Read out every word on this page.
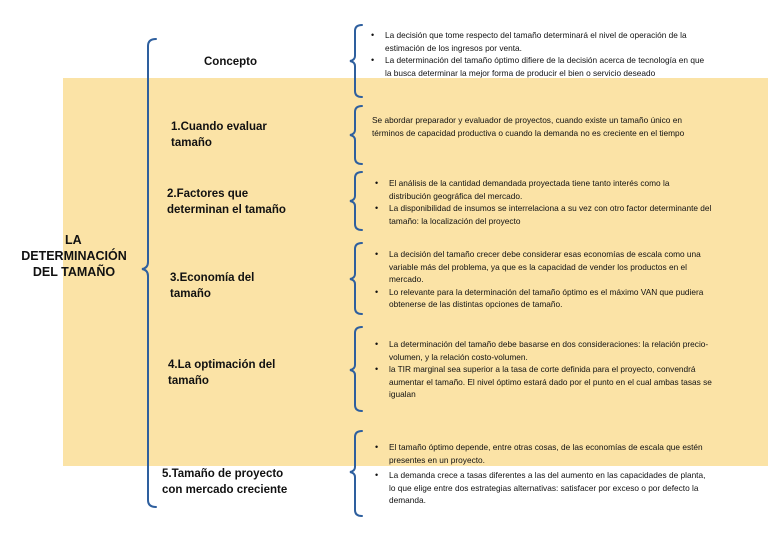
LA
DETERMINACIÓN
DEL TAMAÑO
Concepto
• La decisión que tome respecto del tamaño determinará el nivel de operación de la estimación de los ingresos por venta.
• La determinación del tamaño óptimo difiere de la decisión acerca de tecnología en que la busca determinar la mejor forma de producir el bien o servicio deseado
1.Cuando evaluar
tamaño
Se abordar preparador y evaluador de proyectos, cuando existe un tamaño único en términos de capacidad productiva o cuando la demanda no es creciente en el tiempo
2.Factores que
determinan el tamaño
• El análisis de la cantidad demandada proyectada tiene tanto interés como la distribución geográfica del mercado.
• La disponibilidad de insumos se interrelaciona a su vez con otro factor determinante del tamaño: la localización del proyecto
3.Economía del
tamaño
• La decisión del tamaño crecer debe considerar esas economías de escala como una variable más del problema, ya que es la capacidad de vender los productos en el mercado.
• Lo relevante para la determinación del tamaño óptimo es el máximo VAN que pudiera obtenerse de las distintas opciones de tamaño.
4.La optimación del
tamaño
• La determinación del tamaño debe basarse en dos consideraciones: la relación precio-volumen, y la relación costo-volumen.
• la TIR marginal sea superior a la tasa de corte definida para el proyecto, convendrá aumentar el tamaño. El nivel óptimo estará dado por el punto en el cual ambas tasas se igualan
5.Tamaño de proyecto
con mercado creciente
• El tamaño óptimo depende, entre otras cosas, de las economías de escala que estén presentes en un proyecto.
• La demanda crece a tasas diferentes a las del aumento en las capacidades de planta, lo que elige entre dos estrategias alternativas: satisfacer por exceso o por defecto la demanda.
